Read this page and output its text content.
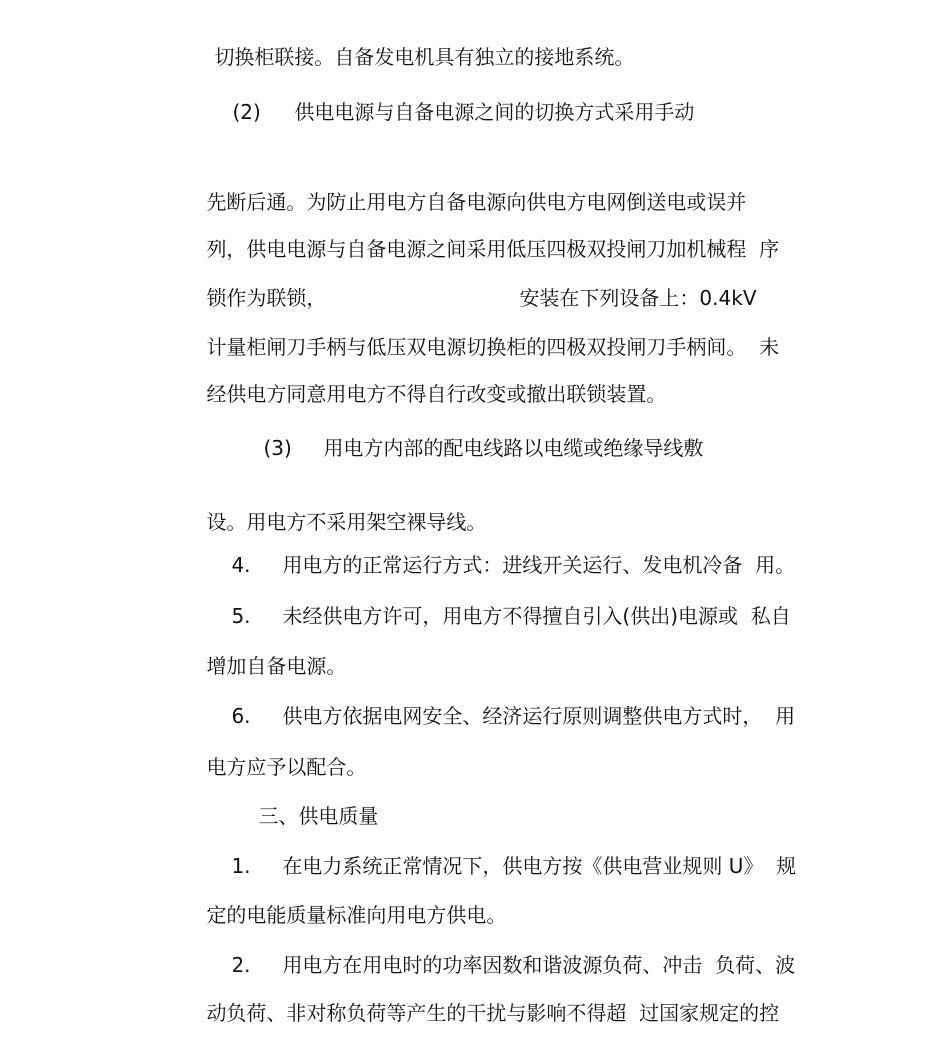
切换柜联接。自备发电机具有独立的接地系统。

(2) 供电电源与自备电源之间的切换方式采用手动

先断后通。为防止用电方自备电源向供电方电网倒送电或误并

列，供电电源与自备电源之间采用低压四极双投闸刀加机械程  序

锁作为联锁，
	安装在下列设备上：0.4kV

计量柜闸刀手柄与低压双电源切换柜的四极双投闸刀手柄间。  未

经供电方同意用电方不得自行改变或撤出联锁装置。

(3) 用电方内部的配电线路以电缆或绝缘导线敷

设。用电方不采用架空裸导线。

4. 用电方的正常运行方式：进线开关运行、发电机冷备  用。

5. 未经供电方许可，用电方不得擅自引入(供出)电源或  私自

增加自备电源。

6. 供电方依据电网安全、经济运行原则调整供电方式时，  用

电方应予以配合。

三、供电质量

1. 在电力系统正常情况下，供电方按《供电营业规则 U》  规

定的电能质量标准向用电方供电。

2. 用电方在用电时的功率因数和谐波源负荷、冲击  负荷、波

动负荷、非对称负荷等产生的干扰与影响不得超  过国家规定的控
